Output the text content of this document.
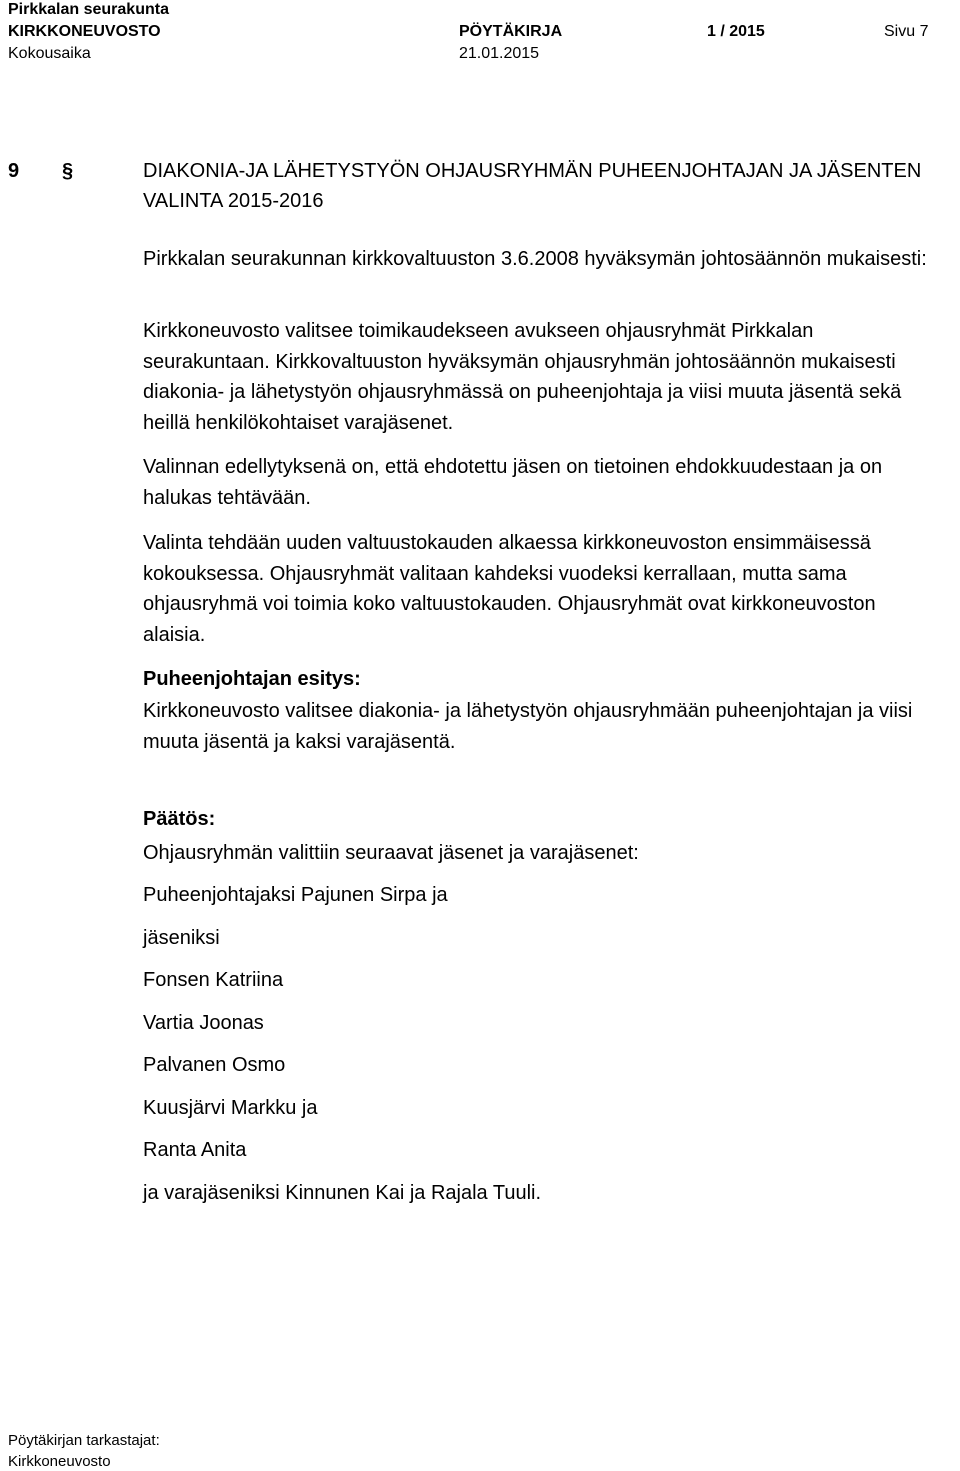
Pirkkalan seurakunta
KIRKKONEUVOSTO	PÖYTÄKIRJA	1 / 2015	Sivu 7
Kokousaika	21.01.2015
9 §	DIAKONIA-JA LÄHETYSTYÖN OHJAUSRYHMÄN PUHEENJOHTAJAN JA JÄSENTEN VALINTA 2015-2016

Pirkkalan seurakunnan kirkkovaltuuston 3.6.2008 hyväksymän johtosäännön mukaisesti:

Kirkkoneuvosto valitsee toimikaudekseen avukseen ohjausryhmät Pirkkalan seurakuntaan. Kirkkovaltuuston hyväksymän ohjausryhmän johtosäännön mukaisesti diakonia- ja lähetystyön ohjausryhmässä on puheenjohtaja ja viisi muuta jäsentä sekä heillä henkilökohtaiset varajäsenet.

Valinnan edellytyksenä on, että ehdotettu jäsen on tietoinen ehdokkuudestaan ja on halukas tehtävään.

Valinta tehdään uuden valtuustokauden alkaessa kirkkoneuvoston ensimmäisessä kokouksessa. Ohjausryhmät valitaan kahdeksi vuodeksi kerrallaan, mutta sama ohjausryhmä voi toimia koko valtuustokauden. Ohjausryhmät ovat kirkkoneuvoston alaisia.

Puheenjohtajan esitys:

Kirkkoneuvosto valitsee diakonia- ja lähetystyön ohjausryhmään puheenjohtajan ja viisi muuta jäsentä ja kaksi varajäsentä.

Päätös:
Ohjausryhmän valittiin seuraavat jäsenet ja varajäsenet:
Puheenjohtajaksi Pajunen Sirpa ja
jäseniksi
Fonsen Katriina
Vartia Joonas
Palvanen Osmo
Kuusjärvi Markku ja
Ranta Anita
ja varajäseniksi Kinnunen Kai ja Rajala Tuuli.
Pöytäkirjan tarkastajat:
Kirkkoneuvosto
